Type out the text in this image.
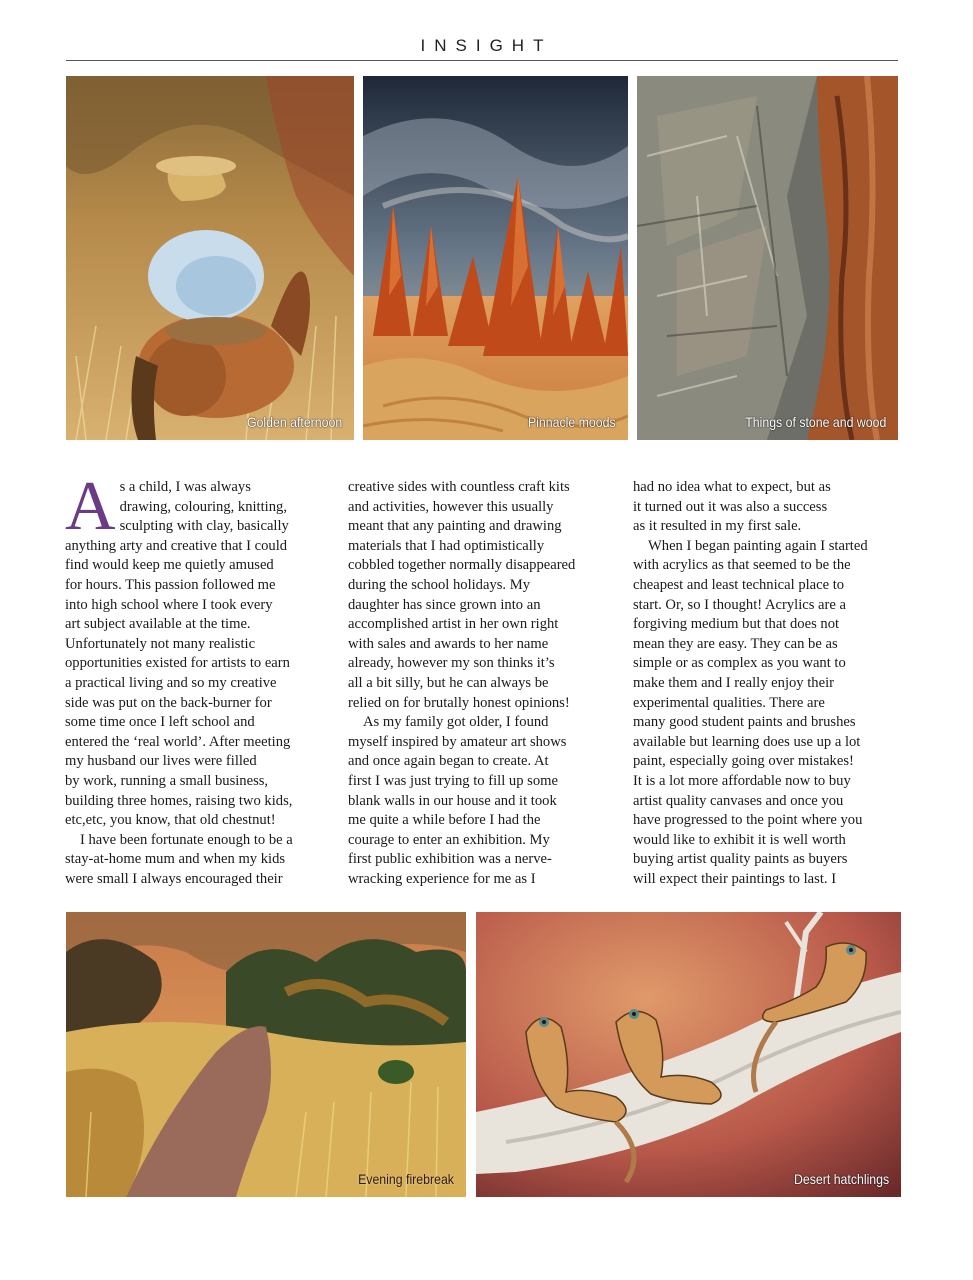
INSIGHT
Golden afternoon	Pinnacle moods	Things of stone and wood
A s a child, I was always
drawing, colouring, knitting,
sculpting with clay, basically
anything arty and creative that I could
find would keep me quietly amused
for hours. This passion followed me
into high school where I took every
art subject available at the time.
Unfortunately not many realistic
opportunities existed for artists to earn
a practical living and so my creative
side was put on the back-burner for
some time once I left school and
entered the ‘real world’. After meeting
my husband our lives were filled
by work, running a small business,
building three homes, raising two kids,
etc,etc, you know, that old chestnut!
I have been fortunate enough to be a
stay-at-home mum and when my kids
were small I always encouraged their
creative sides with countless craft kits
and activities, however this usually
meant that any painting and drawing
materials that I had optimistically
cobbled together normally disappeared
during the school holidays. My
daughter has since grown into an
accomplished artist in her own right
with sales and awards to her name
already, however my son thinks it’s
all a bit silly, but he can always be
relied on for brutally honest opinions!
As my family got older, I found
myself inspired by amateur art shows
and once again began to create. At
first I was just trying to fill up some
blank walls in our house and it took
me quite a while before I had the
courage to enter an exhibition. My
first public exhibition was a nerve-
wracking experience for me as I
had no idea what to expect, but as
it turned out it was also a success
as it resulted in my first sale.
When I began painting again I started
with acrylics as that seemed to be the
cheapest and least technical place to
start. Or, so I thought! Acrylics are a
forgiving medium but that does not
mean they are easy. They can be as
simple or as complex as you want to
make them and I really enjoy their
experimental qualities. There are
many good student paints and brushes
available but learning does use up a lot
paint, especially going over mistakes!
It is a lot more affordable now to buy
artist quality canvases and once you
have progressed to the point where you
would like to exhibit it is well worth
buying artist quality paints as buyers
will expect their paintings to last. I
Evening firebreak	Desert hatchlings
